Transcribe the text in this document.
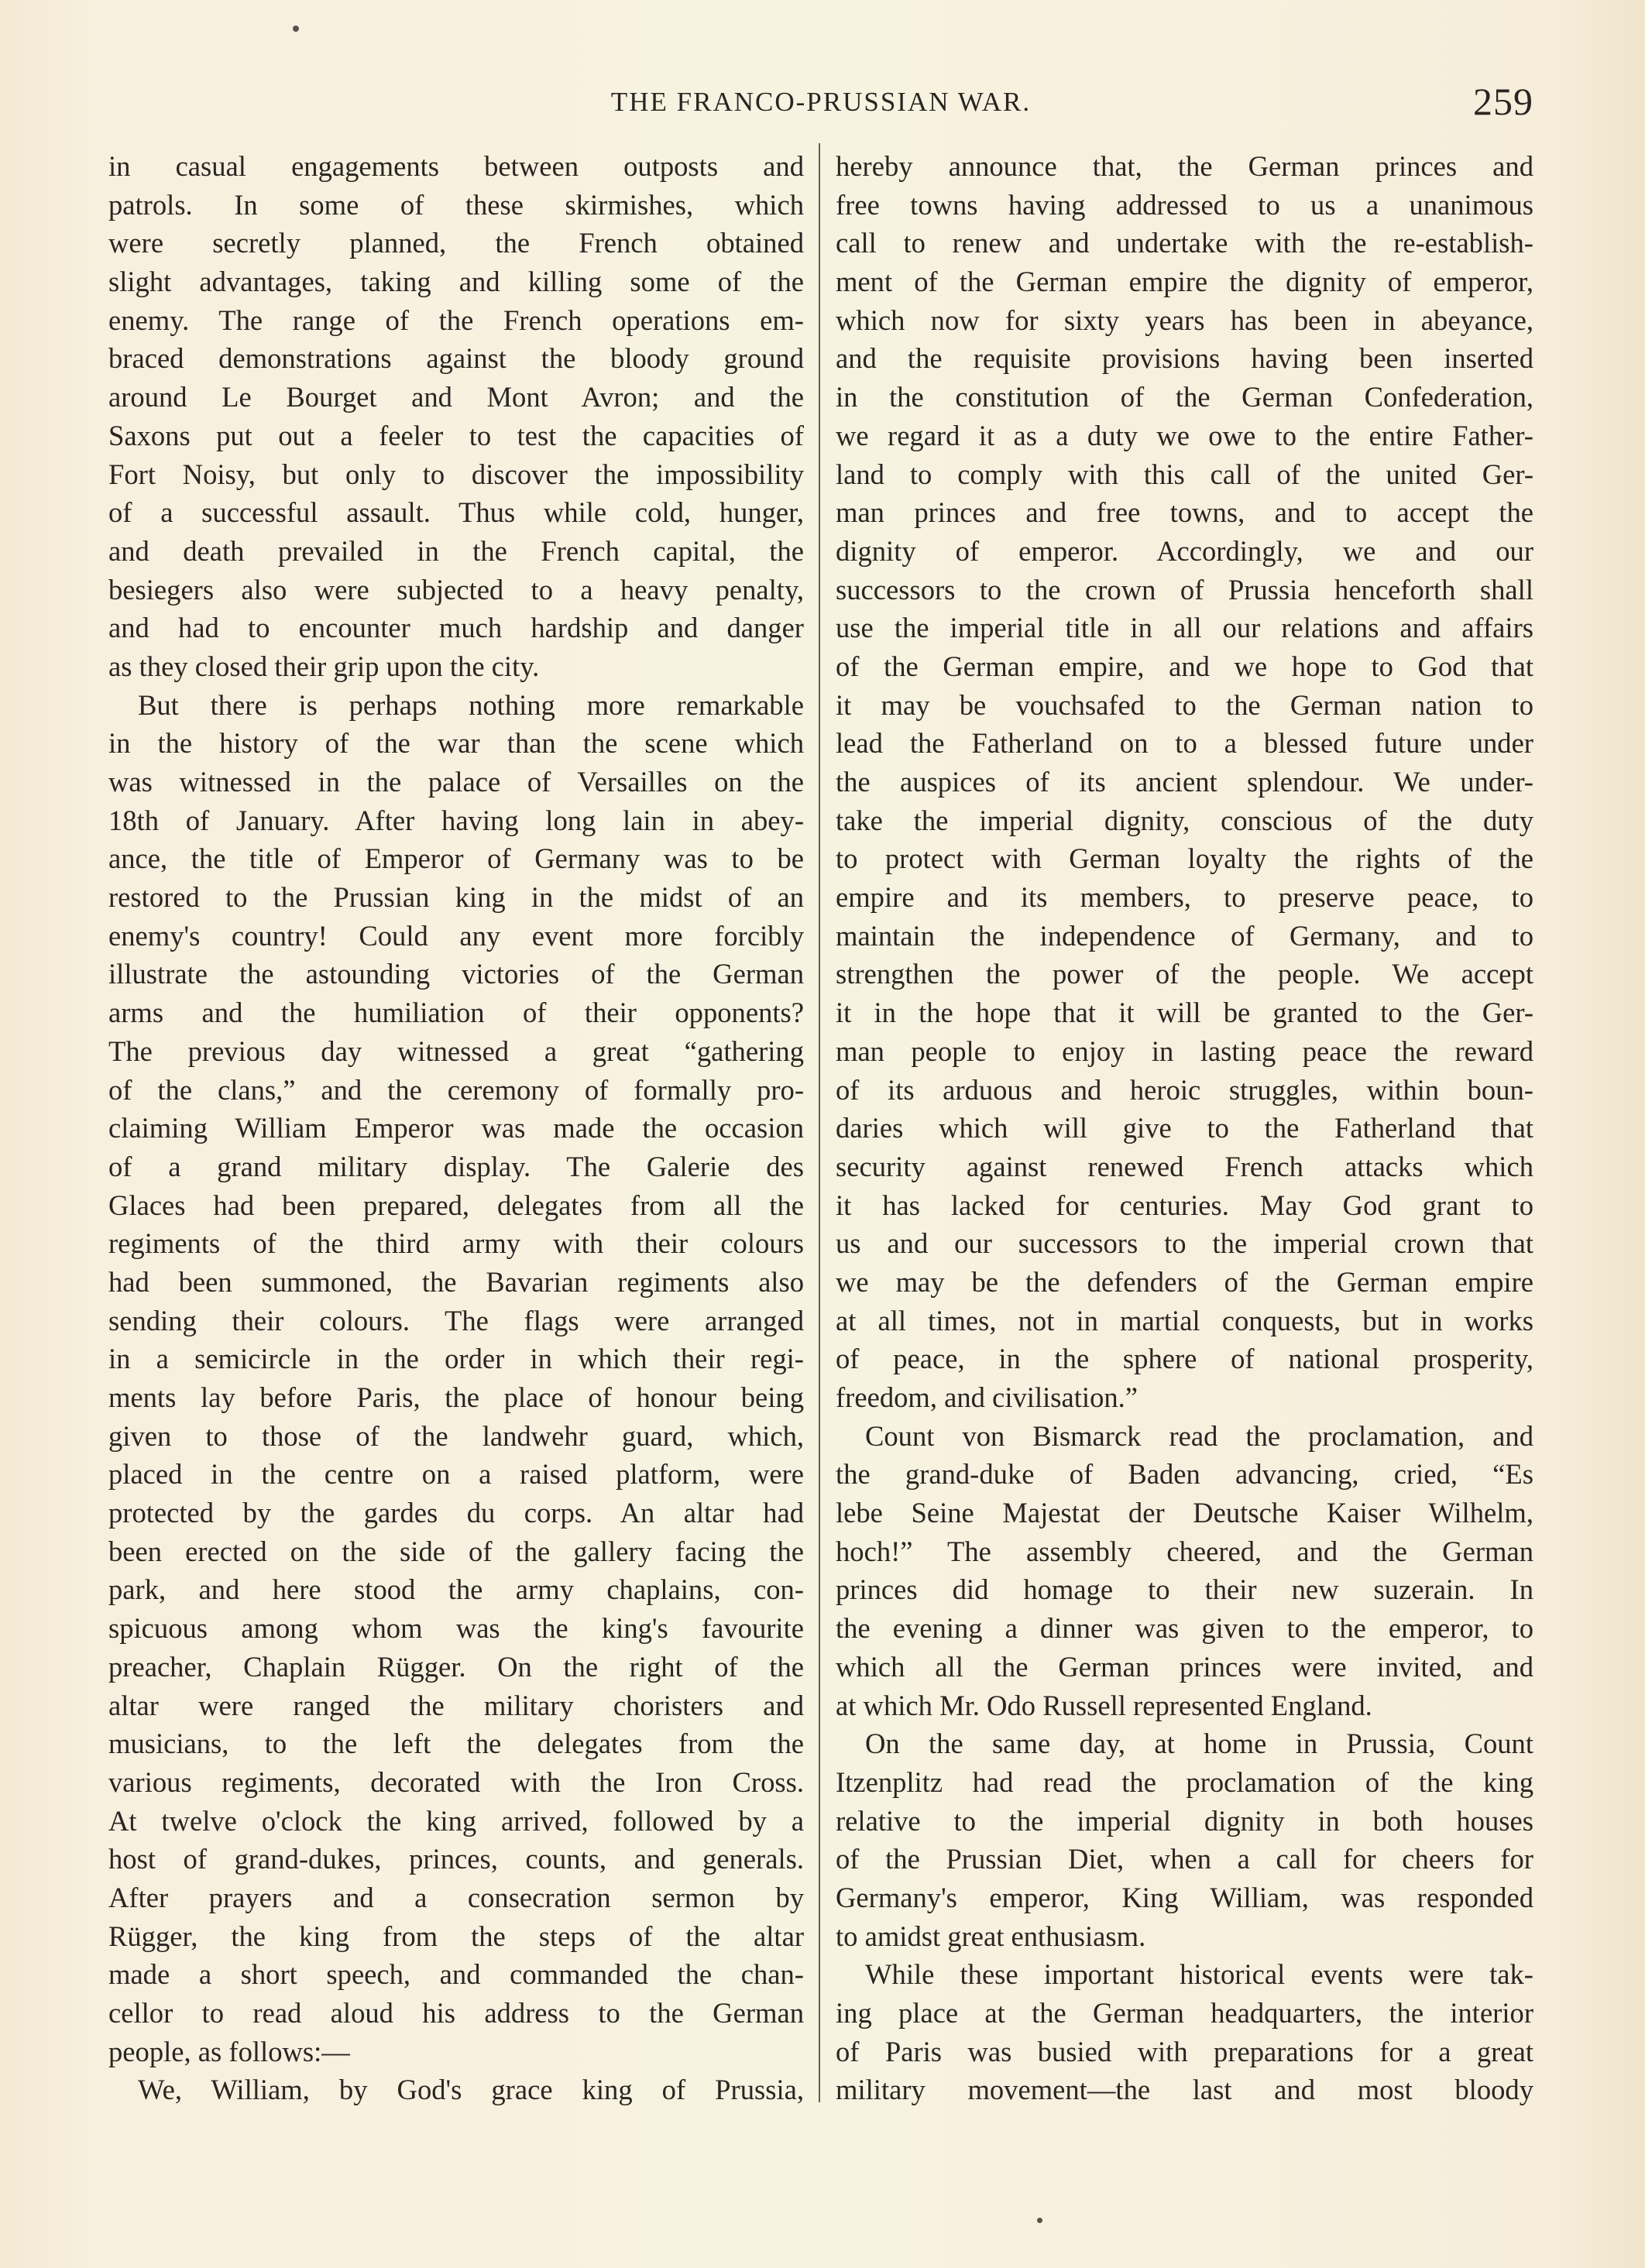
THE FRANCO-PRUSSIAN WAR.	259
in casual engagements between outposts and
patrols. In some of these skirmishes, which
were secretly planned, the French obtained
slight advantages, taking and killing some of the
enemy. The range of the French operations em-
braced demonstrations against the bloody ground
around Le Bourget and Mont Avron; and the
Saxons put out a feeler to test the capacities of
Fort Noisy, but only to discover the impossibility
of a successful assault. Thus while cold, hunger,
and death prevailed in the French capital, the
besiegers also were subjected to a heavy penalty,
and had to encounter much hardship and danger
as they closed their grip upon the city.
But there is perhaps nothing more remarkable
in the history of the war than the scene which
was witnessed in the palace of Versailles on the
18th of January. After having long lain in abey-
ance, the title of Emperor of Germany was to be
restored to the Prussian king in the midst of an
enemy's country! Could any event more forcibly
illustrate the astounding victories of the German
arms and the humiliation of their opponents?
The previous day witnessed a great “gathering
of the clans,” and the ceremony of formally pro-
claiming William Emperor was made the occasion
of a grand military display. The Galerie des
Glaces had been prepared, delegates from all the
regiments of the third army with their colours
had been summoned, the Bavarian regiments also
sending their colours. The flags were arranged
in a semicircle in the order in which their regi-
ments lay before Paris, the place of honour being
given to those of the landwehr guard, which,
placed in the centre on a raised platform, were
protected by the gardes du corps. An altar had
been erected on the side of the gallery facing the
park, and here stood the army chaplains, con-
spicuous among whom was the king's favourite
preacher, Chaplain Rügger. On the right of the
altar were ranged the military choristers and
musicians, to the left the delegates from the
various regiments, decorated with the Iron Cross.
At twelve o'clock the king arrived, followed by a
host of grand-dukes, princes, counts, and generals.
After prayers and a consecration sermon by
Rügger, the king from the steps of the altar
made a short speech, and commanded the chan-
cellor to read aloud his address to the German
people, as follows:—
We, William, by God's grace king of Prussia,
hereby announce that, the German princes and
free towns having addressed to us a unanimous
call to renew and undertake with the re-establish-
ment of the German empire the dignity of emperor,
which now for sixty years has been in abeyance,
and the requisite provisions having been inserted
in the constitution of the German Confederation,
we regard it as a duty we owe to the entire Father-
land to comply with this call of the united Ger-
man princes and free towns, and to accept the
dignity of emperor. Accordingly, we and our
successors to the crown of Prussia henceforth shall
use the imperial title in all our relations and affairs
of the German empire, and we hope to God that
it may be vouchsafed to the German nation to
lead the Fatherland on to a blessed future under
the auspices of its ancient splendour. We under-
take the imperial dignity, conscious of the duty
to protect with German loyalty the rights of the
empire and its members, to preserve peace, to
maintain the independence of Germany, and to
strengthen the power of the people. We accept
it in the hope that it will be granted to the Ger-
man people to enjoy in lasting peace the reward
of its arduous and heroic struggles, within boun-
daries which will give to the Fatherland that
security against renewed French attacks which
it has lacked for centuries. May God grant to
us and our successors to the imperial crown that
we may be the defenders of the German empire
at all times, not in martial conquests, but in works
of peace, in the sphere of national prosperity,
freedom, and civilisation.”
Count von Bismarck read the proclamation, and
the grand-duke of Baden advancing, cried, “Es
lebe Seine Majestat der Deutsche Kaiser Wilhelm,
hoch!” The assembly cheered, and the German
princes did homage to their new suzerain. In
the evening a dinner was given to the emperor, to
which all the German princes were invited, and
at which Mr. Odo Russell represented England.
On the same day, at home in Prussia, Count
Itzenplitz had read the proclamation of the king
relative to the imperial dignity in both houses
of the Prussian Diet, when a call for cheers for
Germany's emperor, King William, was responded
to amidst great enthusiasm.
While these important historical events were tak-
ing place at the German headquarters, the interior
of Paris was busied with preparations for a great
military movement—the last and most bloody
